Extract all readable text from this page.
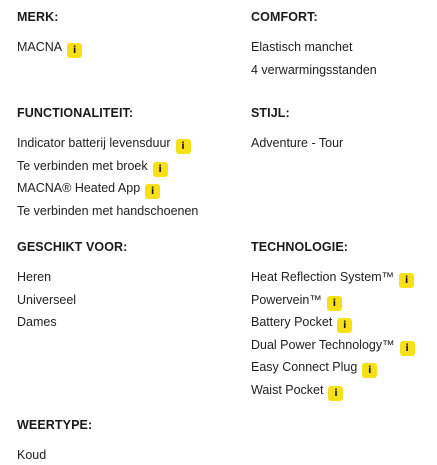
MERK:
MACNA i
COMFORT:
Elastisch manchet
4 verwarmingsstanden
FUNCTIONALITEIT:
Indicator batterij levensduur i
Te verbinden met broek i
MACNA® Heated App i
Te verbinden met handschoenen
STIJL:
Adventure - Tour
GESCHIKT VOOR:
Heren
Universeel
Dames
TECHNOLOGIE:
Heat Reflection System™ i
Powervein™ i
Battery Pocket i
Dual Power Technology™ i
Easy Connect Plug i
Waist Pocket i
WEERTYPE:
Koud
